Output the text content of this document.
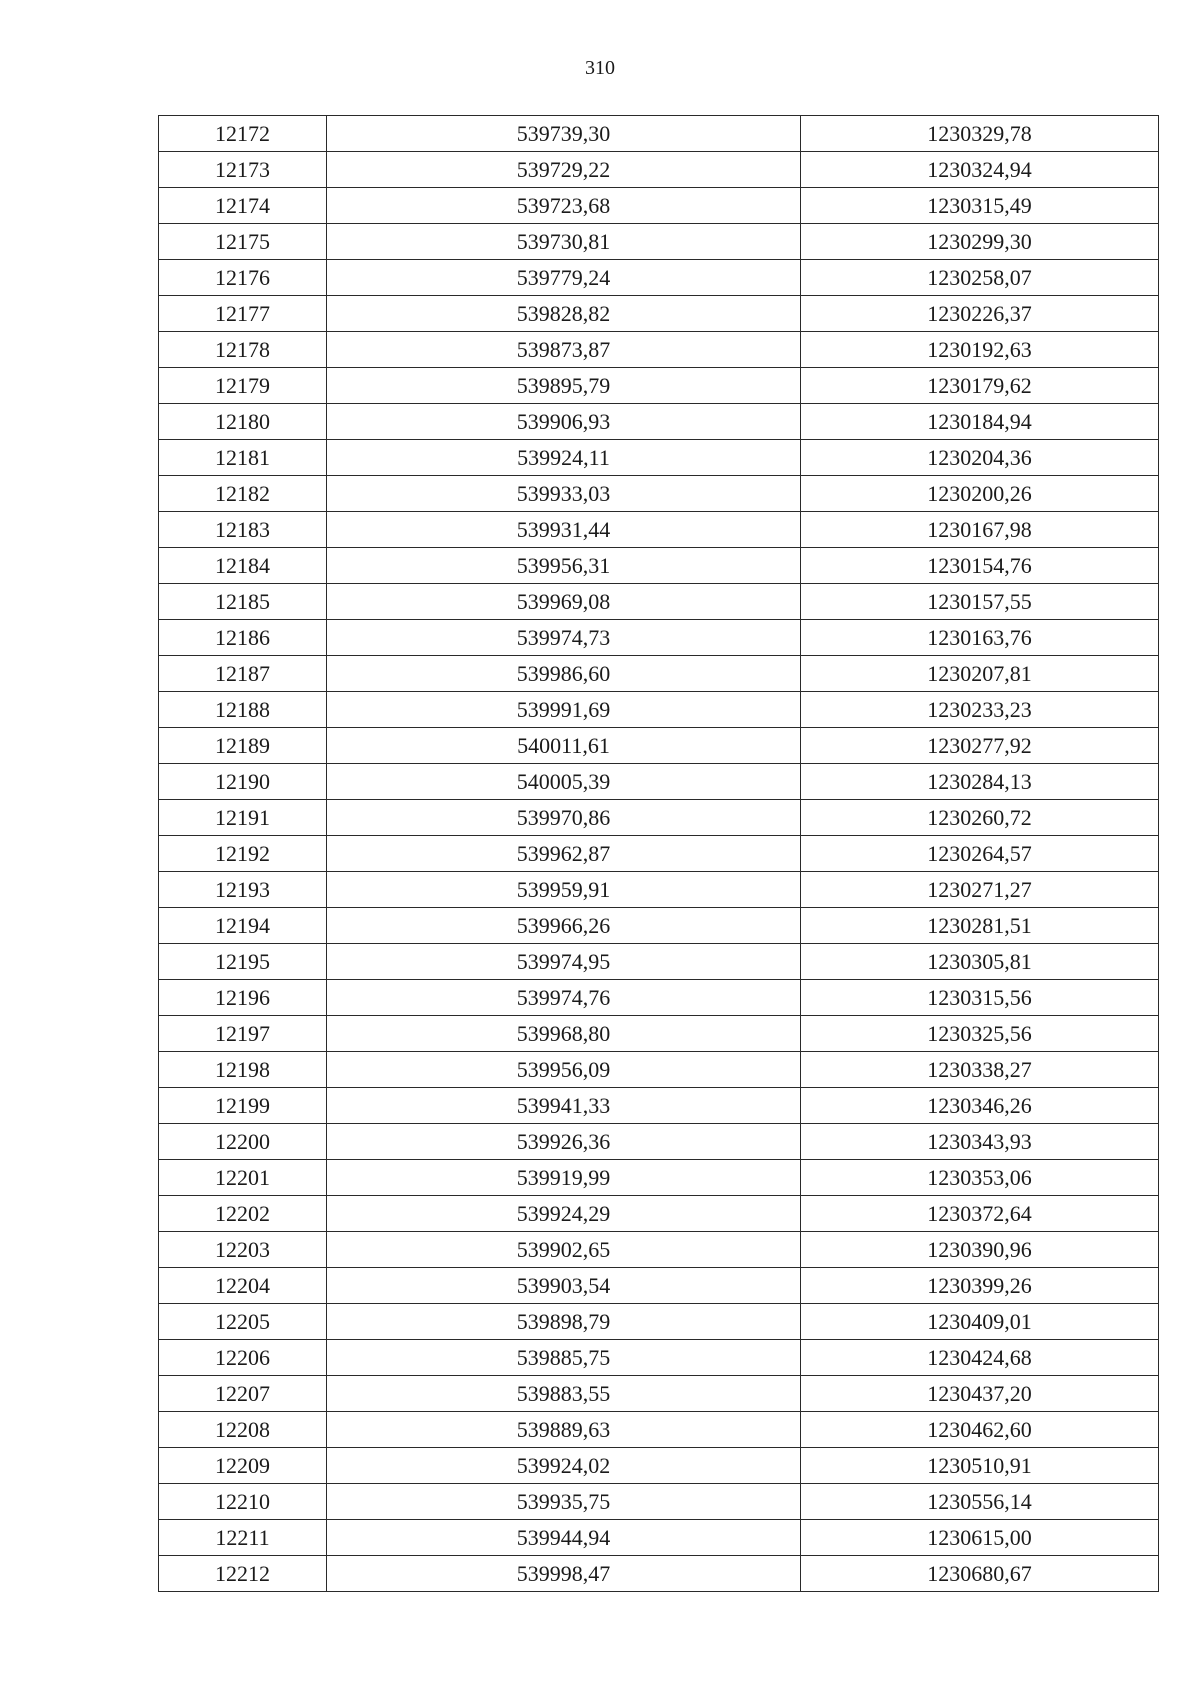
310
12172	539739,30	1230329,78
12173	539729,22	1230324,94
12174	539723,68	1230315,49
12175	539730,81	1230299,30
12176	539779,24	1230258,07
12177	539828,82	1230226,37
12178	539873,87	1230192,63
12179	539895,79	1230179,62
12180	539906,93	1230184,94
12181	539924,11	1230204,36
12182	539933,03	1230200,26
12183	539931,44	1230167,98
12184	539956,31	1230154,76
12185	539969,08	1230157,55
12186	539974,73	1230163,76
12187	539986,60	1230207,81
12188	539991,69	1230233,23
12189	540011,61	1230277,92
12190	540005,39	1230284,13
12191	539970,86	1230260,72
12192	539962,87	1230264,57
12193	539959,91	1230271,27
12194	539966,26	1230281,51
12195	539974,95	1230305,81
12196	539974,76	1230315,56
12197	539968,80	1230325,56
12198	539956,09	1230338,27
12199	539941,33	1230346,26
12200	539926,36	1230343,93
12201	539919,99	1230353,06
12202	539924,29	1230372,64
12203	539902,65	1230390,96
12204	539903,54	1230399,26
12205	539898,79	1230409,01
12206	539885,75	1230424,68
12207	539883,55	1230437,20
12208	539889,63	1230462,60
12209	539924,02	1230510,91
12210	539935,75	1230556,14
12211	539944,94	1230615,00
12212	539998,47	1230680,67
